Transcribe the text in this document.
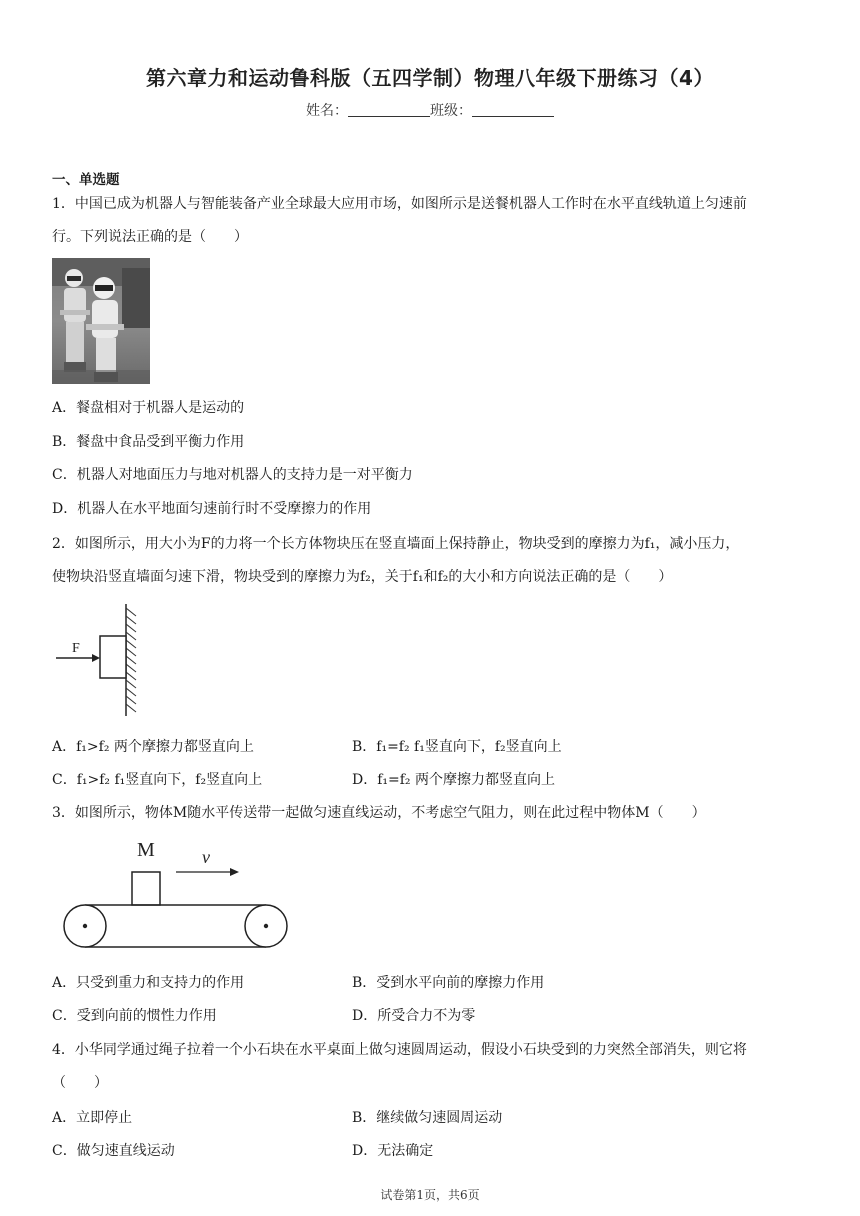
第六章力和运动鲁科版（五四学制）物理八年级下册练习（4）
姓名：	班级：
一、单选题
1．中国已成为机器人与智能装备产业全球最大应用市场，如图所示是送餐机器人工作时在水平直线轨道上匀速前
行。下列说法正确的是（　　）
A．餐盘相对于机器人是运动的
B．餐盘中食品受到平衡力作用
C．机器人对地面压力与地对机器人的支持力是一对平衡力
D．机器人在水平地面匀速前行时不受摩擦力的作用
2．如图所示，用大小为F的力将一个长方体物块压在竖直墙面上保持静止，物块受到的摩擦力为f₁，减小压力，
使物块沿竖直墙面匀速下滑，物块受到的摩擦力为f₂，关于f₁和f₂的大小和方向说法正确的是（　　）
F
A．f₁>f₂ 两个摩擦力都竖直向上	B．f₁=f₂ f₁竖直向下，f₂竖直向上
C．f₁>f₂ f₁竖直向下，f₂竖直向上	D．f₁=f₂ 两个摩擦力都竖直向上
3．如图所示，物体M随水平传送带一起做匀速直线运动，不考虑空气阻力，则在此过程中物体M（　　）
M	v
A．只受到重力和支持力的作用	B．受到水平向前的摩擦力作用
C．受到向前的惯性力作用	D．所受合力不为零
4．小华同学通过绳子拉着一个小石块在水平桌面上做匀速圆周运动，假设小石块受到的力突然全部消失，则它将
（　　）
A．立即停止	B．继续做匀速圆周运动
C．做匀速直线运动	D．无法确定
试卷第1页，共6页
